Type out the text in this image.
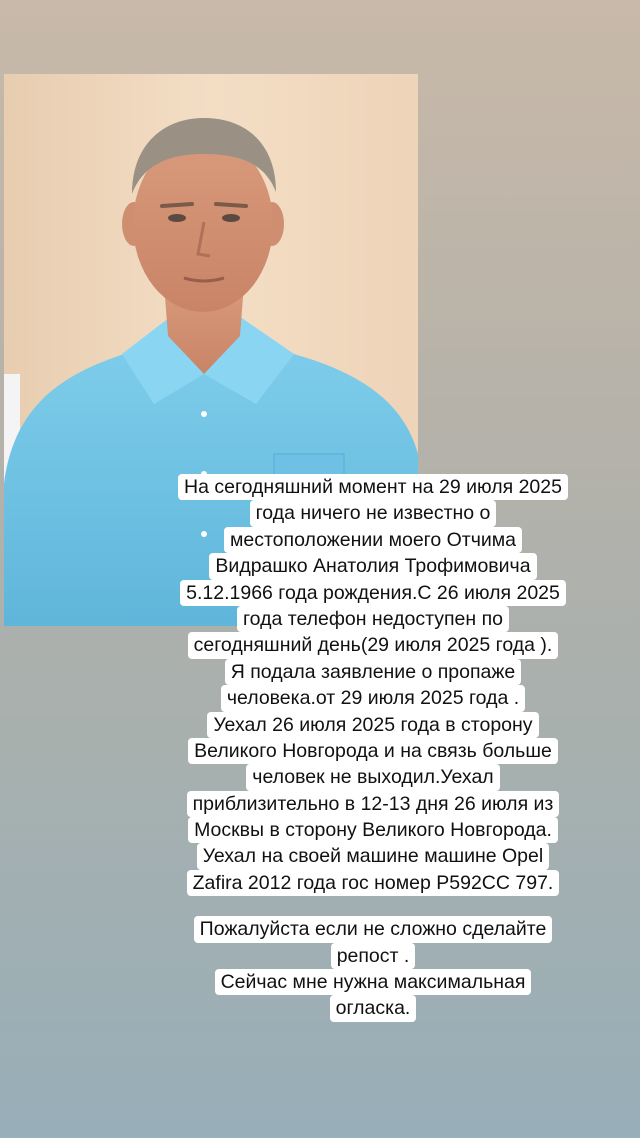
На сегодняшний момент на 29 июля 2025
года ничего не известно о
местоположении моего Отчима
Видрашко Анатолия Трофимовича
5.12.1966 года рождения.С 26 июля 2025
года телефон недоступен по
сегодняшний день(29 июля 2025 года ).
Я подала заявление о пропаже
человека.от 29 июля 2025 года .
Уехал 26 июля 2025 года в сторону
Великого Новгорода и на связь больше
человек не выходил.Уехал
приблизительно в 12-13 дня 26 июля из
Москвы в сторону Великого Новгорода.
Уехал на своей машине машине Opel
Zafira 2012 года гос номер Р592СС 797.
Пожалуйста если не сложно сделайте
репост .
Сейчас мне нужна максимальная
огласка.
